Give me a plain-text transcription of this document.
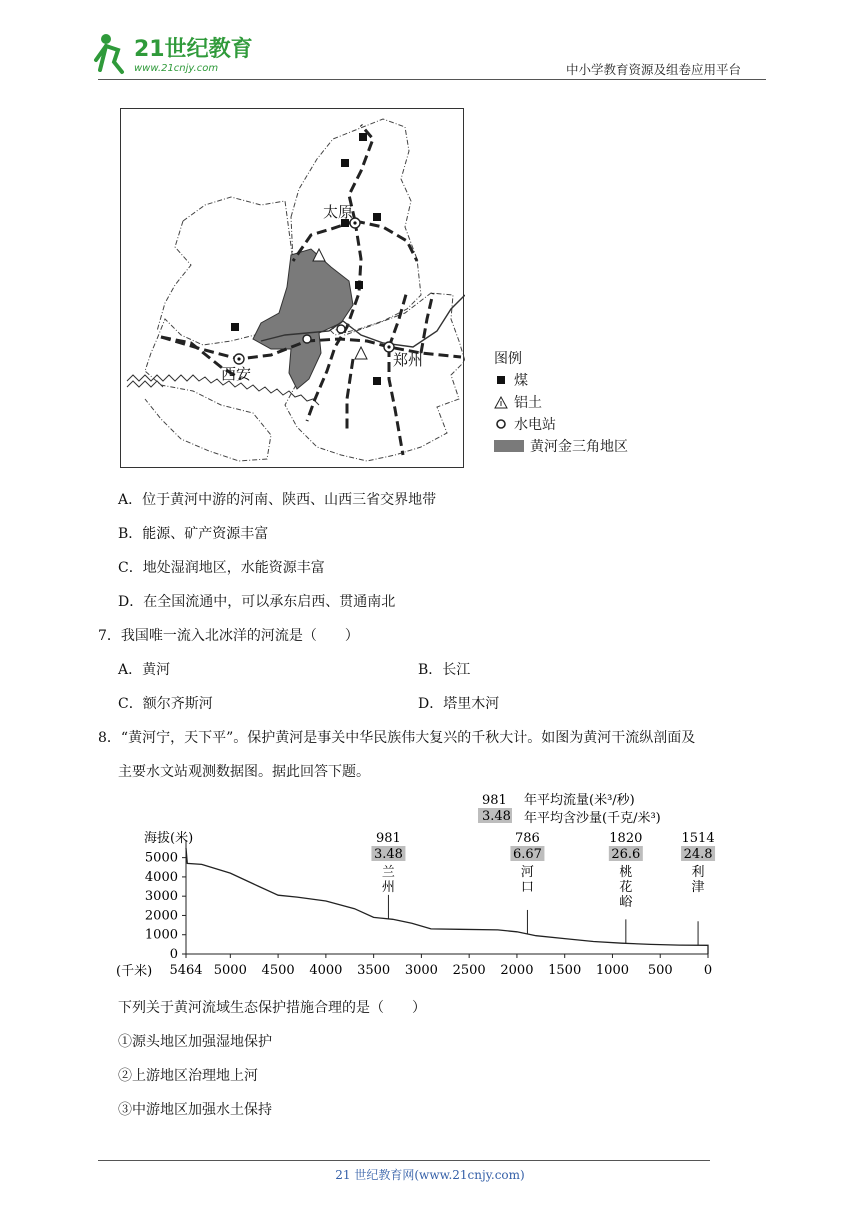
21世纪教育
www.21cnjy.com	中小学教育资源及组卷应用平台
太原
西安
郑州	图例
煤
铝土
水电站
黄河金三角地区
A．位于黄河中游的河南、陕西、山西三省交界地带
B．能源、矿产资源丰富
C．地处湿润地区，水能资源丰富
D．在全国流通中，可以承东启西、贯通南北
7．我国唯一流入北冰洋的河流是（　　）
A．黄河	B．长江
C．额尔齐斯河	D．塔里木河
8．“黄河宁，天下平”。保护黄河是事关中华民族伟大复兴的千秋大计。如图为黄河干流纵剖面及
主要水文站观测数据图。据此回答下题。
981
3.48
年平均流量(米³/秒)
年平均含沙量(千克/米³)
海拔(米)
(千米)
0
1000
2000
3000
4000
5000
5464 5000 4500 4000 3500 3000 2500 2000 1500 1000 500 0
981
3.48
兰
州
786
6.67
河
口
1820
26.6
桃
花
峪
1514
24.8
利
津
下列关于黄河流域生态保护措施合理的是（　　）
①源头地区加强湿地保护
②上游地区治理地上河
③中游地区加强水土保持
21 世纪教育网(www.21cnjy.com)
